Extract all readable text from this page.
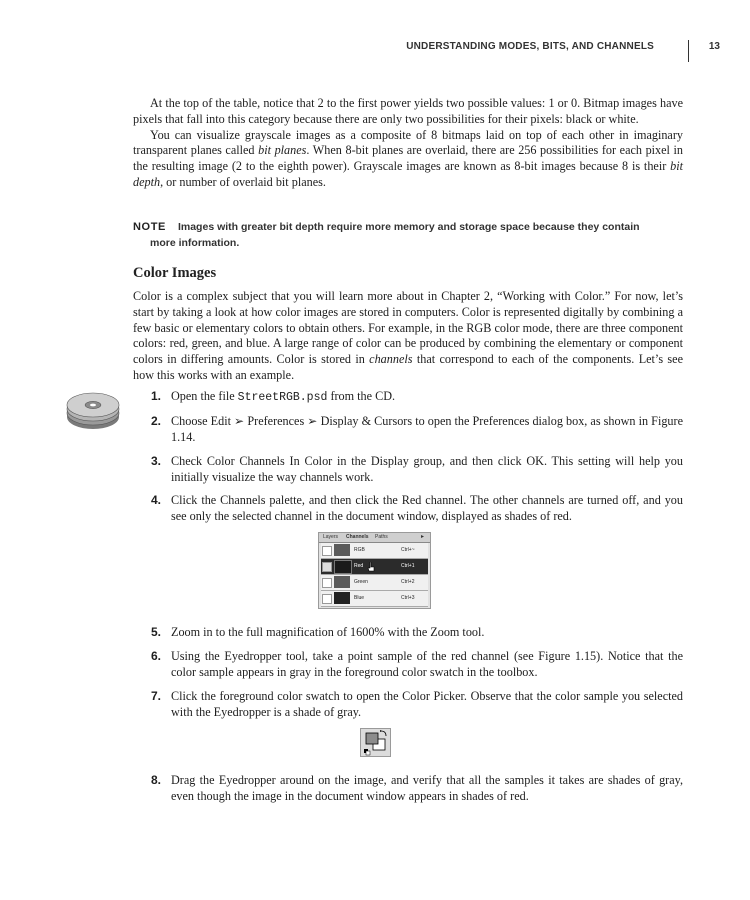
UNDERSTANDING MODES, BITS, AND CHANNELS	13

At the top of the table, notice that 2 to the first power yields two possible values: 1 or 0. Bitmap images have pixels that fall into this category because there are only two possibilities for their pixels: black or white.

You can visualize grayscale images as a composite of 8 bitmaps laid on top of each other in imaginary transparent planes called bit planes. When 8-bit planes are overlaid, there are 256 possibilities for each pixel in the resulting image (2 to the eighth power). Grayscale images are known as 8-bit images because 8 is their bit depth, or number of overlaid bit planes.

NOTE Images with greater bit depth require more memory and storage space because they contain
more information.
Color Images

Color is a complex subject that you will learn more about in Chapter 2, “Working with Color.” For now, let’s start by taking a look at how color images are stored in computers. Color is represented digitally by combining a few basic or elementary colors to obtain others. For example, in the RGB color mode, there are three component colors: red, green, and blue. A large range of color can be produced by combining the elementary or component colors in differing amounts. Color is stored in channels that correspond to each of the components. Let’s see how this works with an example.

1. Open the file StreetRGB.psd from the CD.
2. Choose Edit ➢ Preferences ➢ Display & Cursors to open the Preferences dialog box, as shown in Figure 1.14.
3. Check Color Channels In Color in the Display group, and then click OK. This setting will help you initially visualize the way channels work.
4. Click the Channels palette, and then click the Red channel. The other channels are turned off, and you see only the selected channel in the document window, displayed as shades of red.
Layers Channels Paths	▸
RGB	Ctrl+~
Red	Ctrl+1
Green	Ctrl+2
Blue	Ctrl+3
5. Zoom in to the full magnification of 1600% with the Zoom tool.
6. Using the Eyedropper tool, take a point sample of the red channel (see Figure 1.15). Notice that the color sample appears in gray in the foreground color swatch in the toolbox.
7. Click the foreground color swatch to open the Color Picker. Observe that the color sample you selected with the Eyedropper is a shade of gray.
8. Drag the Eyedropper around on the image, and verify that all the samples it takes are shades of gray, even though the image in the document window appears in shades of red.
